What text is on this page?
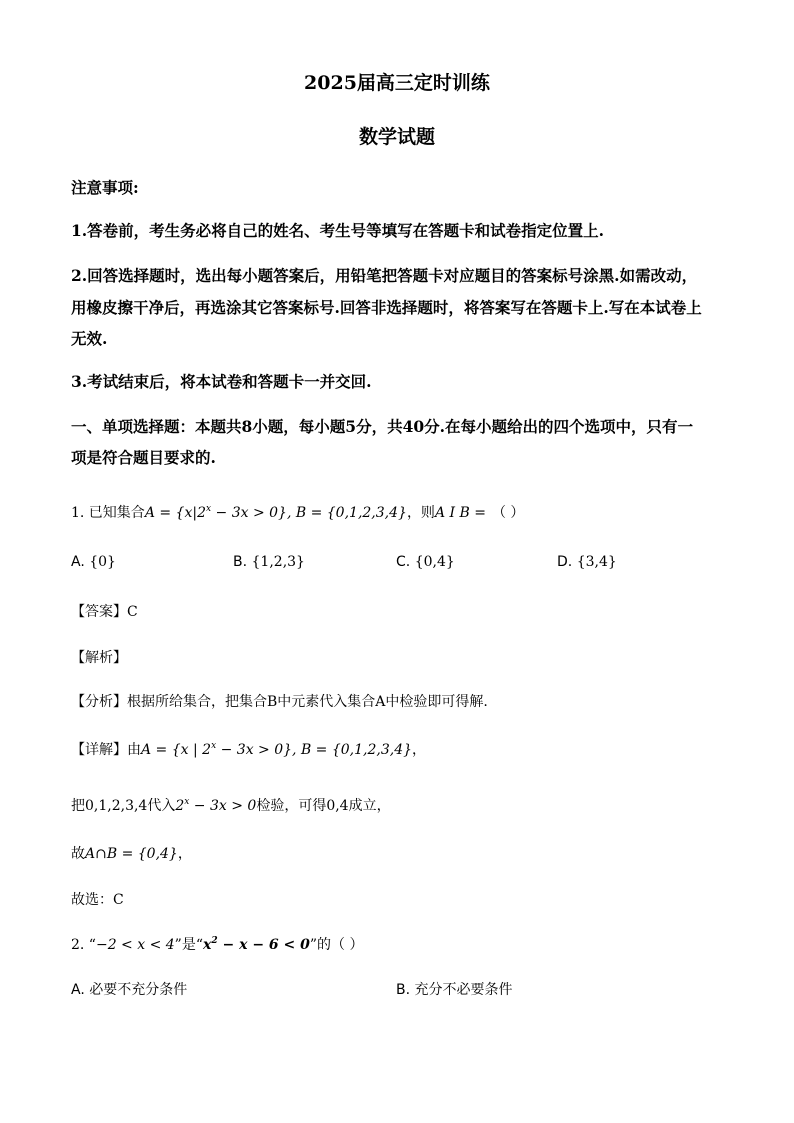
2025届高三定时训练
数学试题
注意事项:
1.答卷前，考生务必将自己的姓名、考生号等填写在答题卡和试卷指定位置上.
2.回答选择题时，选出每小题答案后，用铅笔把答题卡对应题目的答案标号涂黑.如需改动，
用橡皮擦干净后，再选涂其它答案标号.回答非选择题时，将答案写在答题卡上.写在本试卷上
无效.
3.考试结束后，将本试卷和答题卡一并交回.
一、单项选择题：本题共8小题，每小题5分，共40分.在每小题给出的四个选项中，只有一
项是符合题目要求的.
1. 已知集合$A = \{x|2^x - 3x > 0\}$, B = {0,1,2,3,4}，则A I B = （ ）
A. {0}	B. {1,2,3}	C. {0,4}	D. {3,4}
【答案】C
【解析】
【分析】根据所给集合，把集合B中元素代入集合A中检验即可得解.
【详解】由A = {x | $2^x - 3x > 0$}, B = {0,1,2,3,4}，
把0,1,2,3,4代入$2^x - 3x > 0$检验，可得0,4成立，
故A∩B = {0,4}，
故选：C
2. “−2 < x < 4”是“$x^2 - x - 6 < 0$”的（ ）
A. 必要不充分条件	B. 充分不必要条件
